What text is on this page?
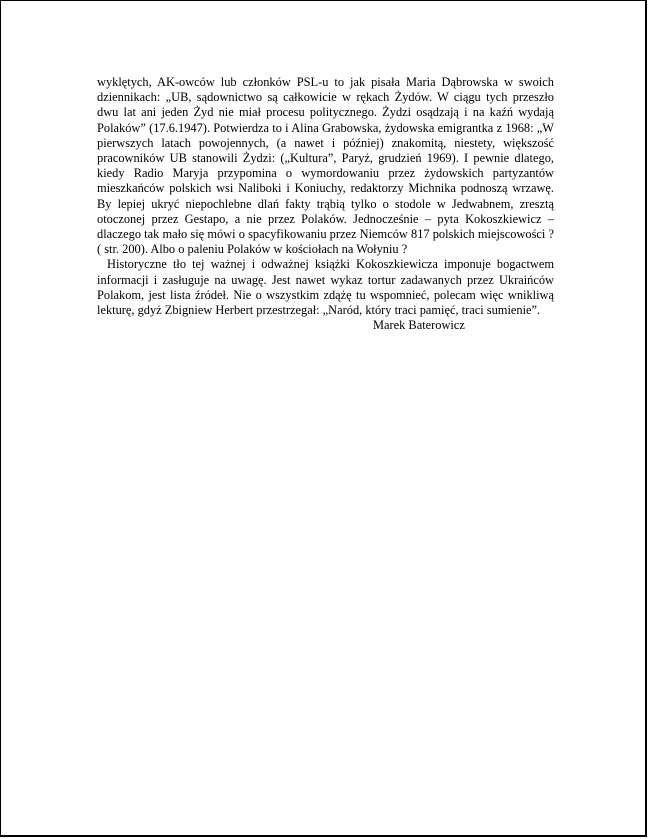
wyklętych, AK-owców lub członków PSL-u to jak pisała Maria Dąbrowska w swoich dziennikach: „UB, sądownictwo są całkowicie w rękach Żydów. W ciągu tych przeszło dwu lat ani jeden Żyd nie miał procesu politycznego. Żydzi osądzają i na kaźń wydają Polaków” (17.6.1947). Potwierdza to i Alina Grabowska, żydowska emigrantka z 1968: „W pierwszych latach powojennych, (a nawet i później) znakomitą, niestety, większość pracowników UB stanowili Żydzi: („Kultura”, Paryż, grudzień 1969). I pewnie dlatego, kiedy Radio Maryja przypomina o wymordowaniu przez żydowskich partyzantów mieszkańców polskich wsi Naliboki i Koniuchy, redaktorzy Michnika podnoszą wrzawę. By lepiej ukryć niepochlebne dlań fakty trąbią tylko o stodole w Jedwabnem, zresztą otoczonej przez Gestapo, a nie przez Polaków. Jednocześnie – pyta Kokoszkiewicz – dlaczego tak mało się mówi o spacyfikowaniu przez Niemców 817 polskich miejscowości ? ( str. 200). Albo o paleniu Polaków w kościołach na Wołyniu ?

Historyczne tło tej ważnej i odważnej książki Kokoszkiewicza imponuje bogactwem informacji i zasługuje na uwagę. Jest nawet wykaz tortur zadawanych przez Ukraińców Polakom, jest lista źródeł. Nie o wszystkim zdążę tu wspomnieć, polecam więc wnikliwą lekturę, gdyż Zbigniew Herbert przestrzegał: „Naród, który traci pamięć, traci sumienie”.

Marek Baterowicz
